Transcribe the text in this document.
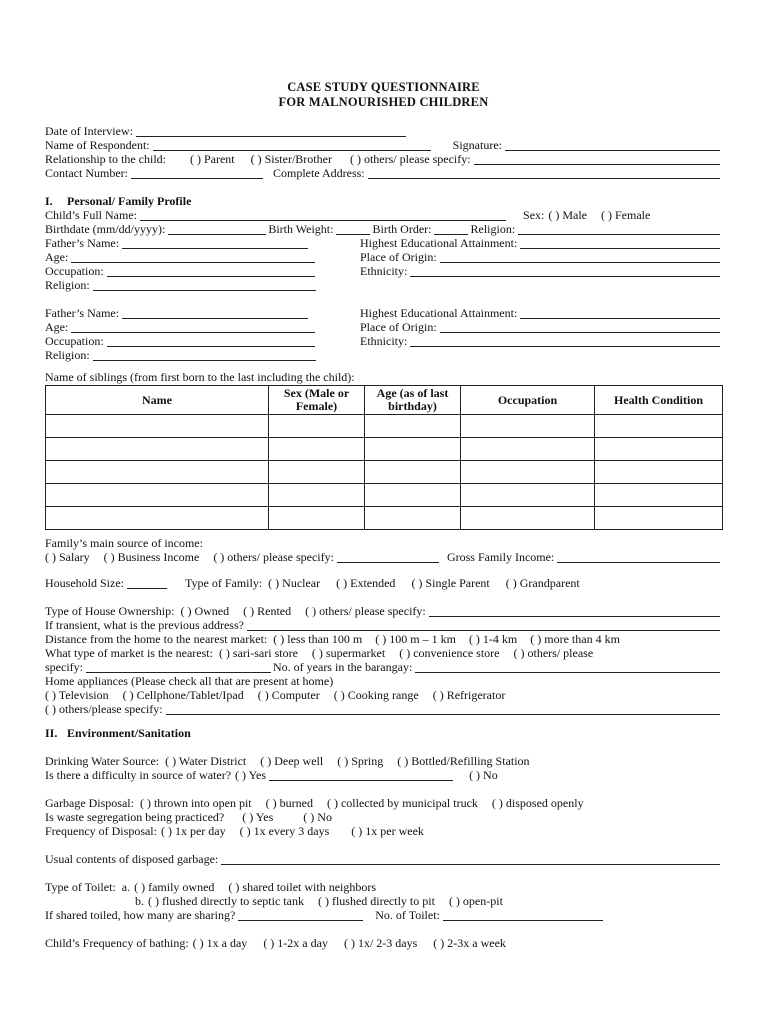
CASE STUDY QUESTIONNAIRE
FOR MALNOURISHED CHILDREN
Date of Interview:
Name of Respondent:	Signature:
Relationship to the child: ( ) Parent ( ) Sister/Brother ( ) others/ please specify:
Contact Number:	Complete Address:
I.	Personal/ Family Profile
Child’s Full Name:	Sex: ( ) Male ( ) Female
Birthdate (mm/dd/yyyy):	Birth Weight:	Birth Order:	Religion:
Father’s Name:	Highest Educational Attainment:
Age:	Place of Origin:
Occupation:	Ethnicity:
Religion:
Father’s Name:	Highest Educational Attainment:
Age:	Place of Origin:
Occupation:	Ethnicity:
Religion:
Name of siblings (from first born to the last including the child):
Name	Sex (Male or Female)	Age (as of last birthday)	Occupation	Health Condition

Family’s main source of income:
( ) Salary ( ) Business Income ( ) others/ please specify:	Gross Family Income:
Household Size:	Type of Family: ( ) Nuclear ( ) Extended ( ) Single Parent ( ) Grandparent
Type of House Ownership: ( ) Owned ( ) Rented ( ) others/ please specify:
If transient, what is the previous address?
Distance from the home to the nearest market: ( ) less than 100 m ( ) 100 m – 1 km ( ) 1-4 km ( ) more than 4 km
What type of market is the nearest: ( ) sari-sari store ( ) supermarket ( ) convenience store ( ) others/ please
specify:	No. of years in the barangay:
Home appliances (Please check all that are present at home)
( ) Television ( ) Cellphone/Tablet/Ipad ( ) Computer ( ) Cooking range ( ) Refrigerator
( ) others/please specify:
II. Environment/Sanitation
Drinking Water Source: ( ) Water District ( ) Deep well ( ) Spring ( ) Bottled/Refilling Station
Is there a difficulty in source of water? ( ) Yes	( ) No
Garbage Disposal: ( ) thrown into open pit ( ) burned ( ) collected by municipal truck ( ) disposed openly
Is waste segregation being practiced? ( ) Yes	( ) No
Frequency of Disposal: ( ) 1x per day ( ) 1x every 3 days ( ) 1x per week
Usual contents of disposed garbage:
Type of Toilet: a. ( ) family owned ( ) shared toilet with neighbors
b. ( ) flushed directly to septic tank ( ) flushed directly to pit ( ) open-pit
If shared toiled, how many are sharing?	No. of Toilet:
Child’s Frequency of bathing: ( ) 1x a day ( ) 1-2x a day ( ) 1x/ 2-3 days ( ) 2-3x a week
